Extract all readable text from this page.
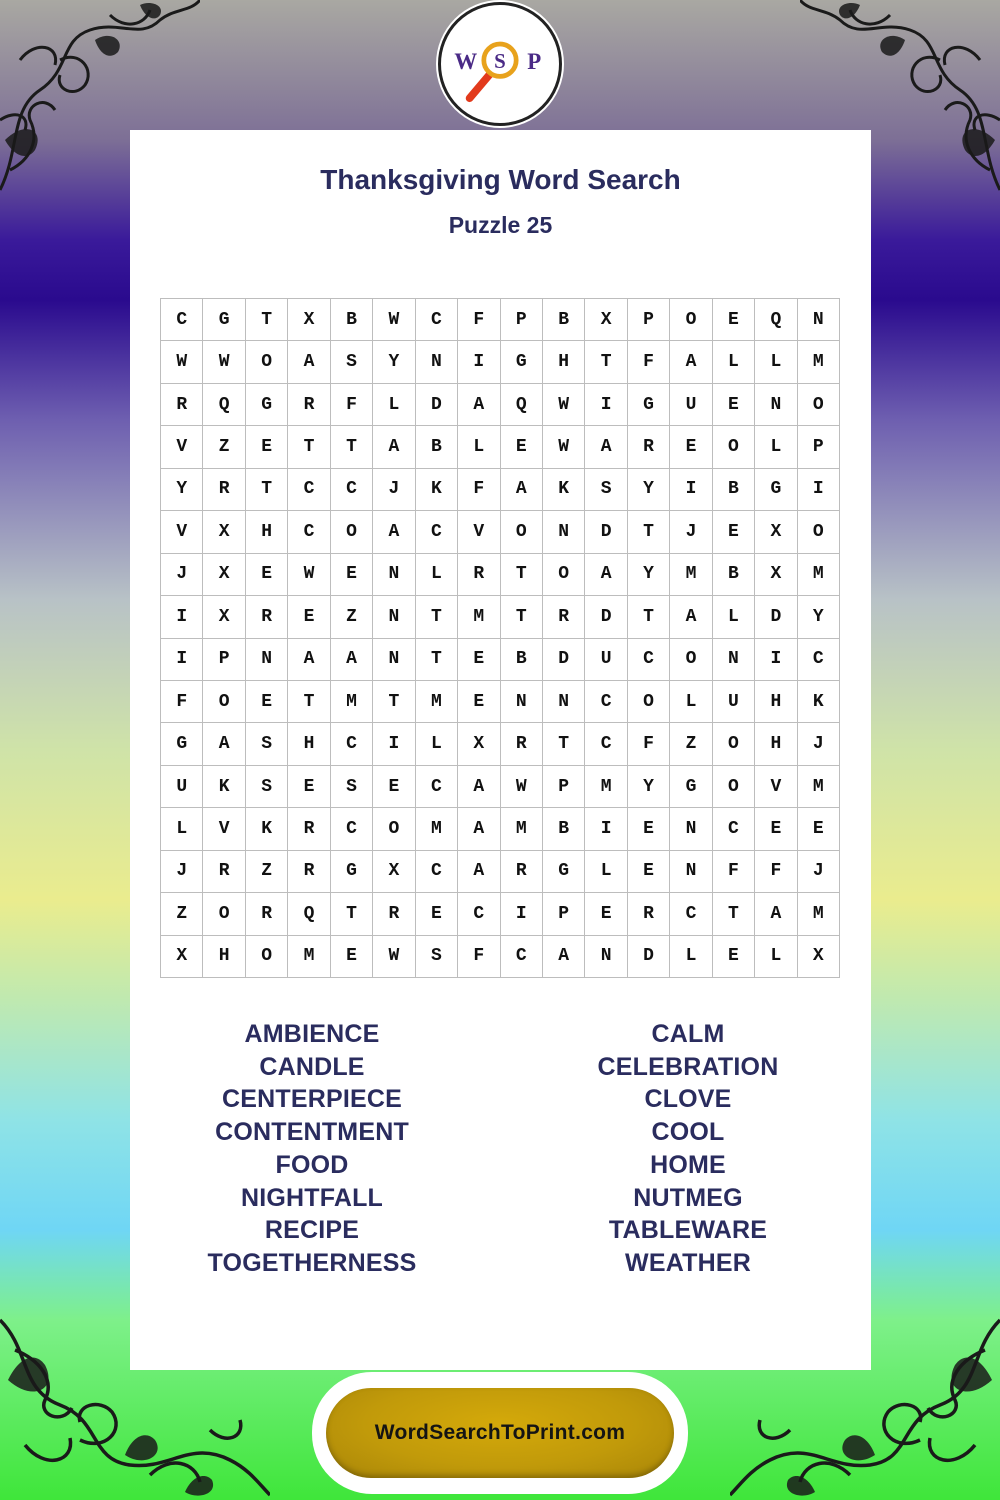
W S P
Thanksgiving Word Search
Puzzle 25
C	G	T	X	B	W	C	F	P	B	X	P	O	E	Q	N
W	W	O	A	S	Y	N	I	G	H	T	F	A	L	L	M
R	Q	G	R	F	L	D	A	Q	W	I	G	U	E	N	O
V	Z	E	T	T	A	B	L	E	W	A	R	E	O	L	P
Y	R	T	C	C	J	K	F	A	K	S	Y	I	B	G	I
V	X	H	C	O	A	C	V	O	N	D	T	J	E	X	O
J	X	E	W	E	N	L	R	T	O	A	Y	M	B	X	M
I	X	R	E	Z	N	T	M	T	R	D	T	A	L	D	Y
I	P	N	A	A	N	T	E	B	D	U	C	O	N	I	C
F	O	E	T	M	T	M	E	N	N	C	O	L	U	H	K
G	A	S	H	C	I	L	X	R	T	C	F	Z	O	H	J
U	K	S	E	S	E	C	A	W	P	M	Y	G	O	V	M
L	V	K	R	C	O	M	A	M	B	I	E	N	C	E	E
J	R	Z	R	G	X	C	A	R	G	L	E	N	F	F	J
Z	O	R	Q	T	R	E	C	I	P	E	R	C	T	A	M
X	H	O	M	E	W	S	F	C	A	N	D	L	E	L	X
AMBIENCE
CANDLE
CENTERPIECE
CONTENTMENT
FOOD
NIGHTFALL
RECIPE
TOGETHERNESS
CALM
CELEBRATION
CLOVE
COOL
HOME
NUTMEG
TABLEWARE
WEATHER
WordSearchToPrint.com
